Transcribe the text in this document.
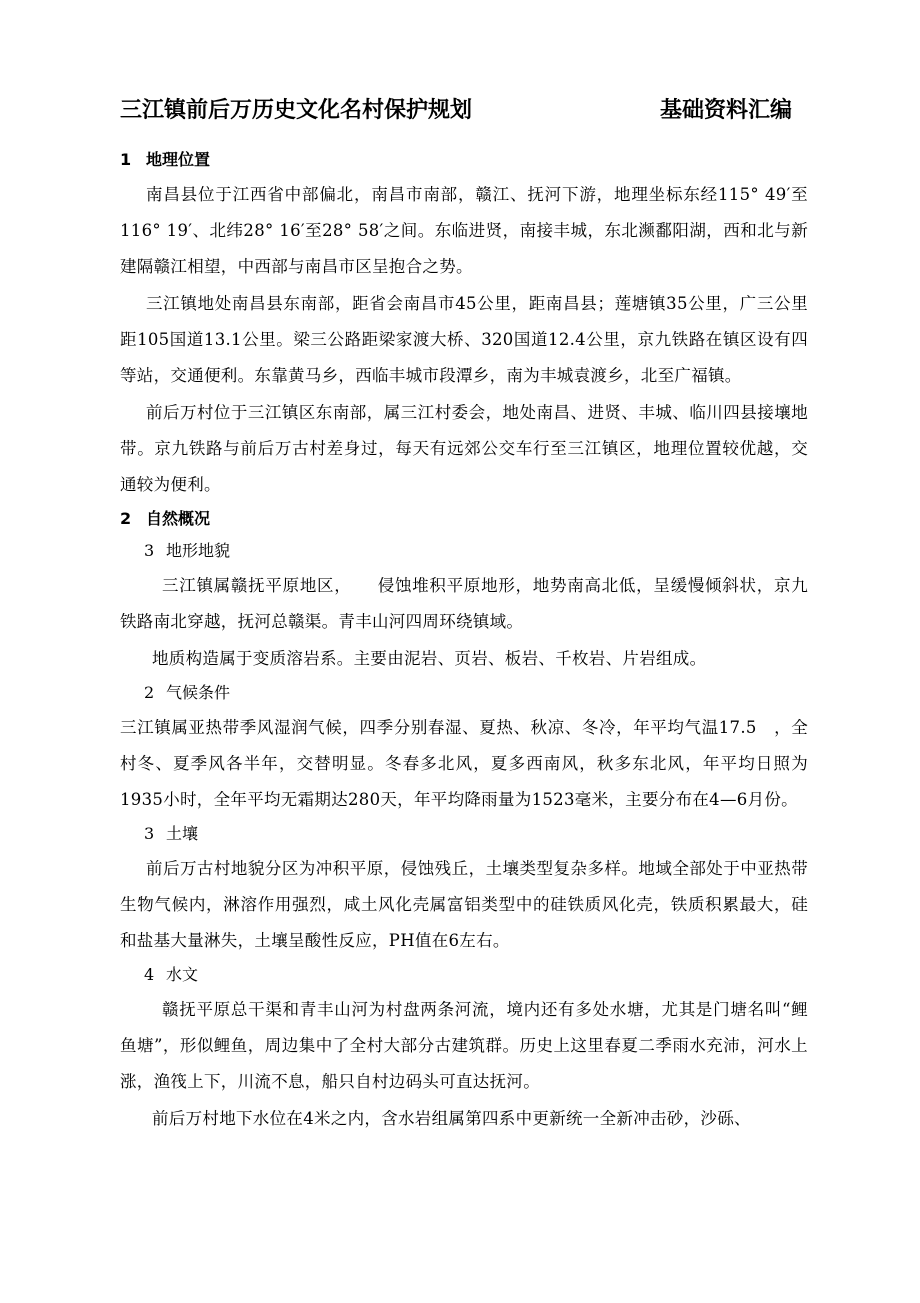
三江镇前后万历史文化名村保护规划	基础资料汇编
1 地理位置

南昌县位于江西省中部偏北，南昌市南部，赣江、抚河下游，地理坐标东经115° 49′至116° 19′、北纬28° 16′至28° 58′之间。东临进贤，南接丰城，东北濒鄱阳湖，西和北与新建隔赣江相望，中西部与南昌市区呈抱合之势。

三江镇地处南昌县东南部，距省会南昌市45公里，距南昌县；莲塘镇35公里，广三公里距105国道13.1公里。梁三公路距梁家渡大桥、320国道12.4公里，京九铁路在镇区设有四等站，交通便利。东靠黄马乡，西临丰城市段潭乡，南为丰城袁渡乡，北至广福镇。

前后万村位于三江镇区东南部，属三江村委会，地处南昌、进贤、丰城、临川四县接壤地带。京九铁路与前后万古村差身过，每天有远郊公交车行至三江镇区，地理位置较优越，交通较为便利。

2 自然概况
3 地形地貌

三江镇属赣抚平原地区，　　侵蚀堆积平原地形，地势南高北低，呈缓慢倾斜状，京九铁路南北穿越，抚河总赣渠。青丰山河四周环绕镇域。

地质构造属于变质溶岩系。主要由泥岩、页岩、板岩、千枚岩、片岩组成。

2 气候条件

三江镇属亚热带季风湿润气候，四季分别春湿、夏热、秋凉、冬冷，年平均气温17.5　，全村冬、夏季风各半年，交替明显。冬春多北风，夏多西南风，秋多东北风，年平均日照为1935小时，全年平均无霜期达280天，年平均降雨量为1523毫米，主要分布在4—6月份。

3 土壤

前后万古村地貌分区为冲积平原，侵蚀残丘，土壤类型复杂多样。地域全部处于中亚热带生物气候内，淋溶作用强烈，咸土风化壳属富铝类型中的硅铁质风化壳，铁质积累最大，硅和盐基大量淋失，土壤呈酸性反应，PH值在6左右。

4 水文

赣抚平原总干渠和青丰山河为村盘两条河流，境内还有多处水塘，尤其是门塘名叫“鲤鱼塘”，形似鲤鱼，周边集中了全村大部分古建筑群。历史上这里春夏二季雨水充沛，河水上涨，渔筏上下，川流不息，船只自村边码头可直达抚河。

前后万村地下水位在4米之内，含水岩组属第四系中更新统一全新冲击砂，沙砾、
